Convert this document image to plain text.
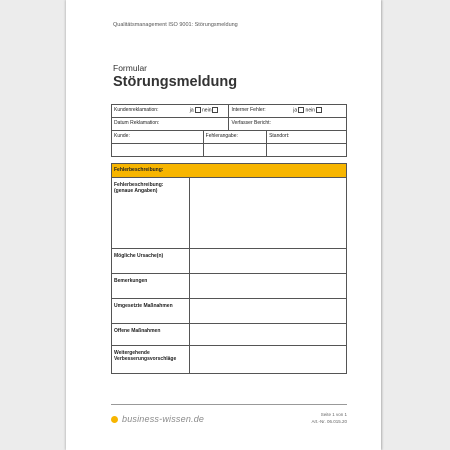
Qualitätsmanagement ISO 9001: Störungsmeldung
Formular
Störungsmeldung
Kundenreklamation: ja nein		Interner Fehler: ja nein	

Datum Reklamation:		Verfasser Bericht:	
Kunde:	Fehlerangabe:		Standort:

Fehlerbeschreibung:	

Fehlerbeschreibung:
(genaue Angaben)	

Mögliche Ursache(n)	
Bemerkungen	
Umgesetzte Maßnahmen	
Offene Maßnahmen	

Weitergehende
Verbesserungsvorschläge	

business-wissen.de	Seite 1 von 1
Art.-Nr. 06.015.20
